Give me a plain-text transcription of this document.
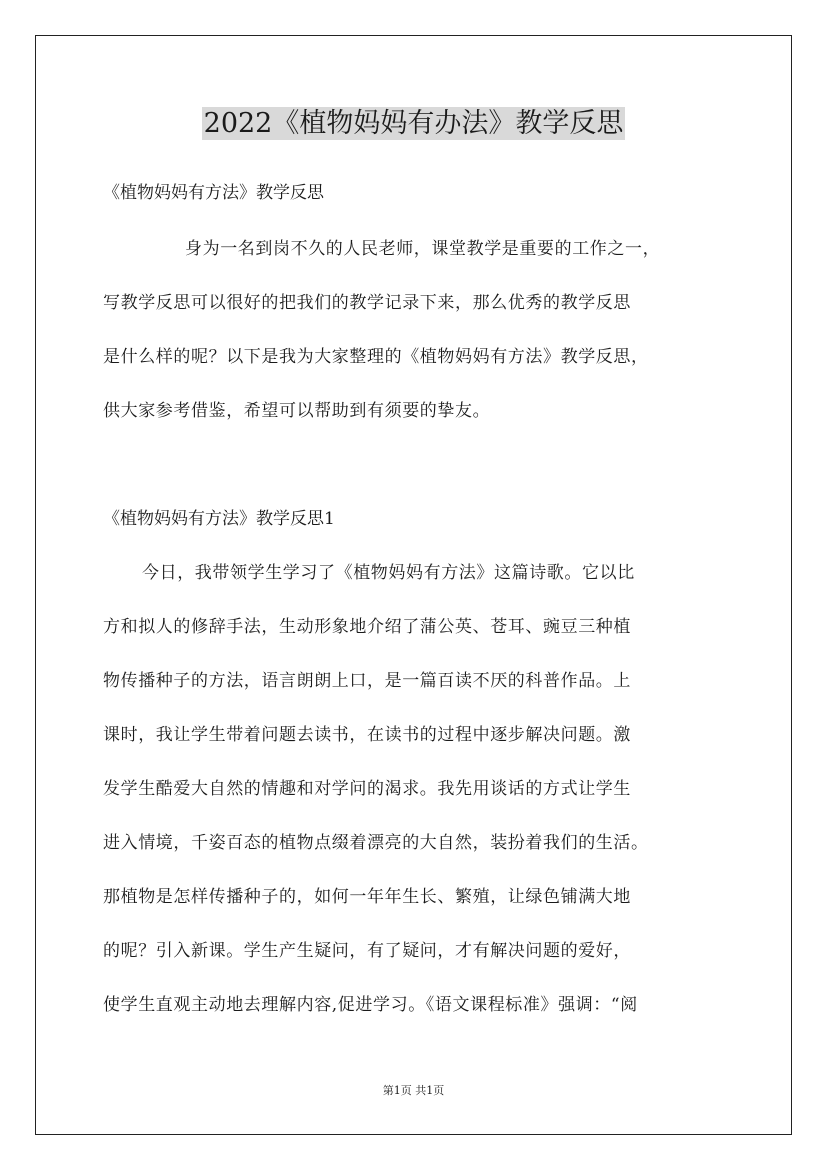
2022《植物妈妈有办法》教学反思
《植物妈妈有方法》教学反思
身为一名到岗不久的人民老师，课堂教学是重要的工作之一，
写教学反思可以很好的把我们的教学记录下来，那么优秀的教学反思
是什么样的呢？以下是我为大家整理的《植物妈妈有方法》教学反思，
供大家参考借鉴，希望可以帮助到有须要的挚友。
《植物妈妈有方法》教学反思1
今日，我带领学生学习了《植物妈妈有方法》这篇诗歌。它以比
方和拟人的修辞手法，生动形象地介绍了蒲公英、苍耳、豌豆三种植
物传播种子的方法，语言朗朗上口，是一篇百读不厌的科普作品。上
课时，我让学生带着问题去读书，在读书的过程中逐步解决问题。激
发学生酷爱大自然的情趣和对学问的渴求。我先用谈话的方式让学生
进入情境，千姿百态的植物点缀着漂亮的大自然，装扮着我们的生活。
那植物是怎样传播种子的，如何一年年生长、繁殖，让绿色铺满大地
的呢？引入新课。学生产生疑问，有了疑问，才有解决问题的爱好，
使学生直观主动地去理解内容,促进学习。《语文课程标准》强调：“阅
第1页 共1页
